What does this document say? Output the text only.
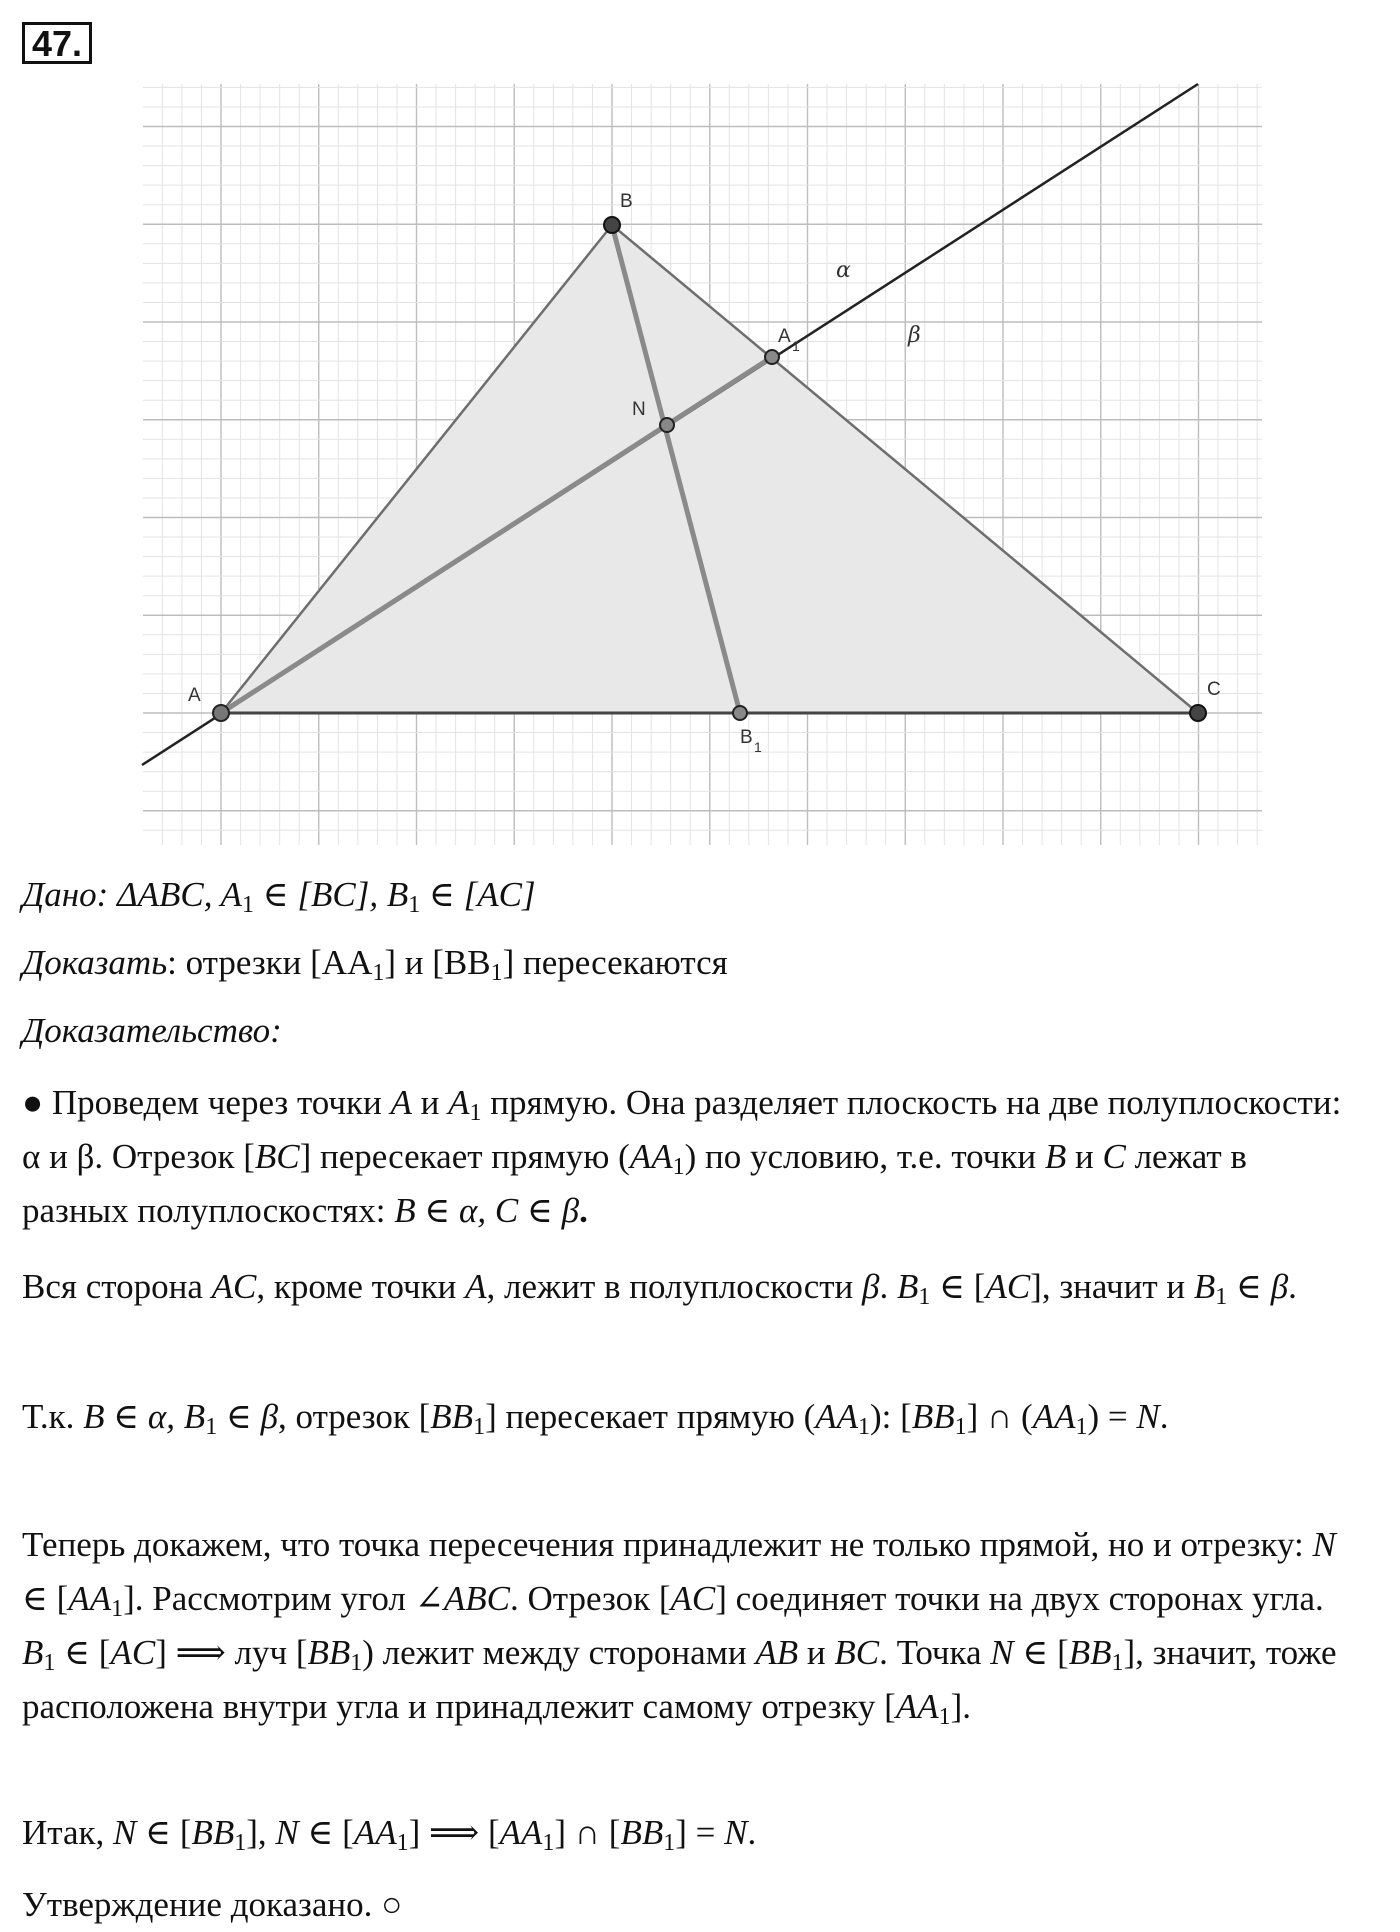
47.
A
B
C
N
A 1
B 1
α
β
Дано: ΔABC, $A_1$ ∈ [BC], $B_1$ ∈ [AC]
Доказать: отрезки $[AA_1]$ и $[BB_1]$ пересекаются
Доказательство:
● Проведем через точки A и $A_1$ прямую. Она разделяет плоскость на две полуплоскости: α и β. Отрезок [BC] пересекает прямую $(AA_1)$ по условию, т.е. точки B и C лежат в разных полуплоскостях: B ∈ α, C ∈ β.
Вся сторона AC, кроме точки A, лежит в полуплоскости β. $B_1$ ∈ [AC], значит и $B_1$ ∈ β.
Т.к. B ∈ α, $B_1$ ∈ β, отрезок $[BB_1]$ пересекает прямую $(AA_1)$: $[BB_1]$ ∩ $(AA_1) = N$.
Теперь докажем, что точка пересечения принадлежит не только прямой, но и отрезку: N ∈ $[AA_1]$. Рассмотрим угол ∠ABC. Отрезок [AC] соединяет точки на двух сторонах угла. $B_1$ ∈ [AC] ⟹ луч $[BB_1)$ лежит между сторонами AB и BC. Точка N ∈ $[BB_1]$, значит, тоже расположена внутри угла и принадлежит самому отрезку $[AA_1]$.
Итак, N ∈ $[BB_1]$, N ∈ $[AA_1]$ ⟹ $[AA_1]$ ∩ $[BB_1] = N$.
Утверждение доказано. ○
